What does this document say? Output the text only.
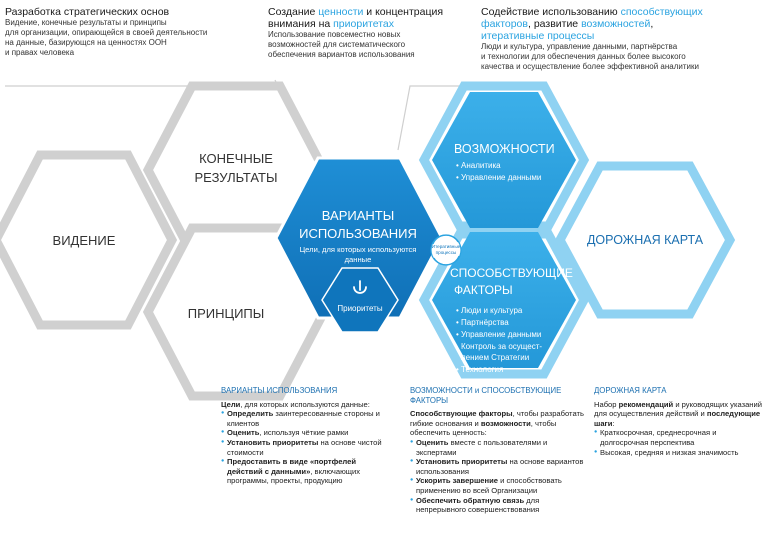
Разработка стратегических основ
Видение, конечные результаты и принципы
для организации, опирающейся в своей деятельности
на данные, базирующся на ценностях ООН
и правах человека
Создание ценности и концентрация
внимания на приоритетах
Использование повсеместно новых
возможностей для систематического
обеспечения вариантов использования
Содействие использованию способствующих
факторов, развитие возможностей,
итеративные процессы
Люди и культура, управление данными, партнёрства
и технологии для обеспечения данных более высокого
качества и осуществление более эффективной аналитики
Итеративные
процессы
Приоритеты
ВИДЕНИЕ
КОНЕЧНЫЕ
РЕЗУЛЬТАТЫ
ПРИНЦИПЫ
ВАРИАНТЫ
ИСПОЛЬЗОВАНИЯ
Цели, для которых используются
данные
ВОЗМОЖНОСТИ
• Аналитика
• Управление данными
СПОСОБСТВУЮЩИЕ
ФАКТОРЫ
• Люди и культура
• Партнёрства
• Управление данными
Контроль за осущест-
лением Стратегии
• Технология
ДОРОЖНАЯ КАРТА
ВАРИАНТЫ ИСПОЛЬЗОВАНИЯ
Цели, для которых используются данные:
● Определить заинтересованные стороны и клиентов
● Оценить, используя чёткие рамки
● Установить приоритеты на основе чистой стоимости
● Предоставить в виде «портфелей действий с данными», включающих программы, проекты, продукцию
ВОЗМОЖНОСТИ и СПОСОБСТВУЮЩИЕ ФАКТОРЫ
Способствующие факторы, чтобы разработать гибкие основания и возможности, чтобы обеспечить ценность:
● Оценить вместе с пользователями и экспертами
● Установить приоритеты на основе вариантов использования
● Ускорить завершение и способствовать применению во всей Организации
● Обеспечить обратную связь для непрерывного совершенствования
ДОРОЖНАЯ КАРТА
Набор рекомендаций и руководящих указаний для осуществления действий и последующие шаги:
● Краткосрочная, среднесрочная и долгосрочная перспектива
● Высокая, средняя и низкая значимость
